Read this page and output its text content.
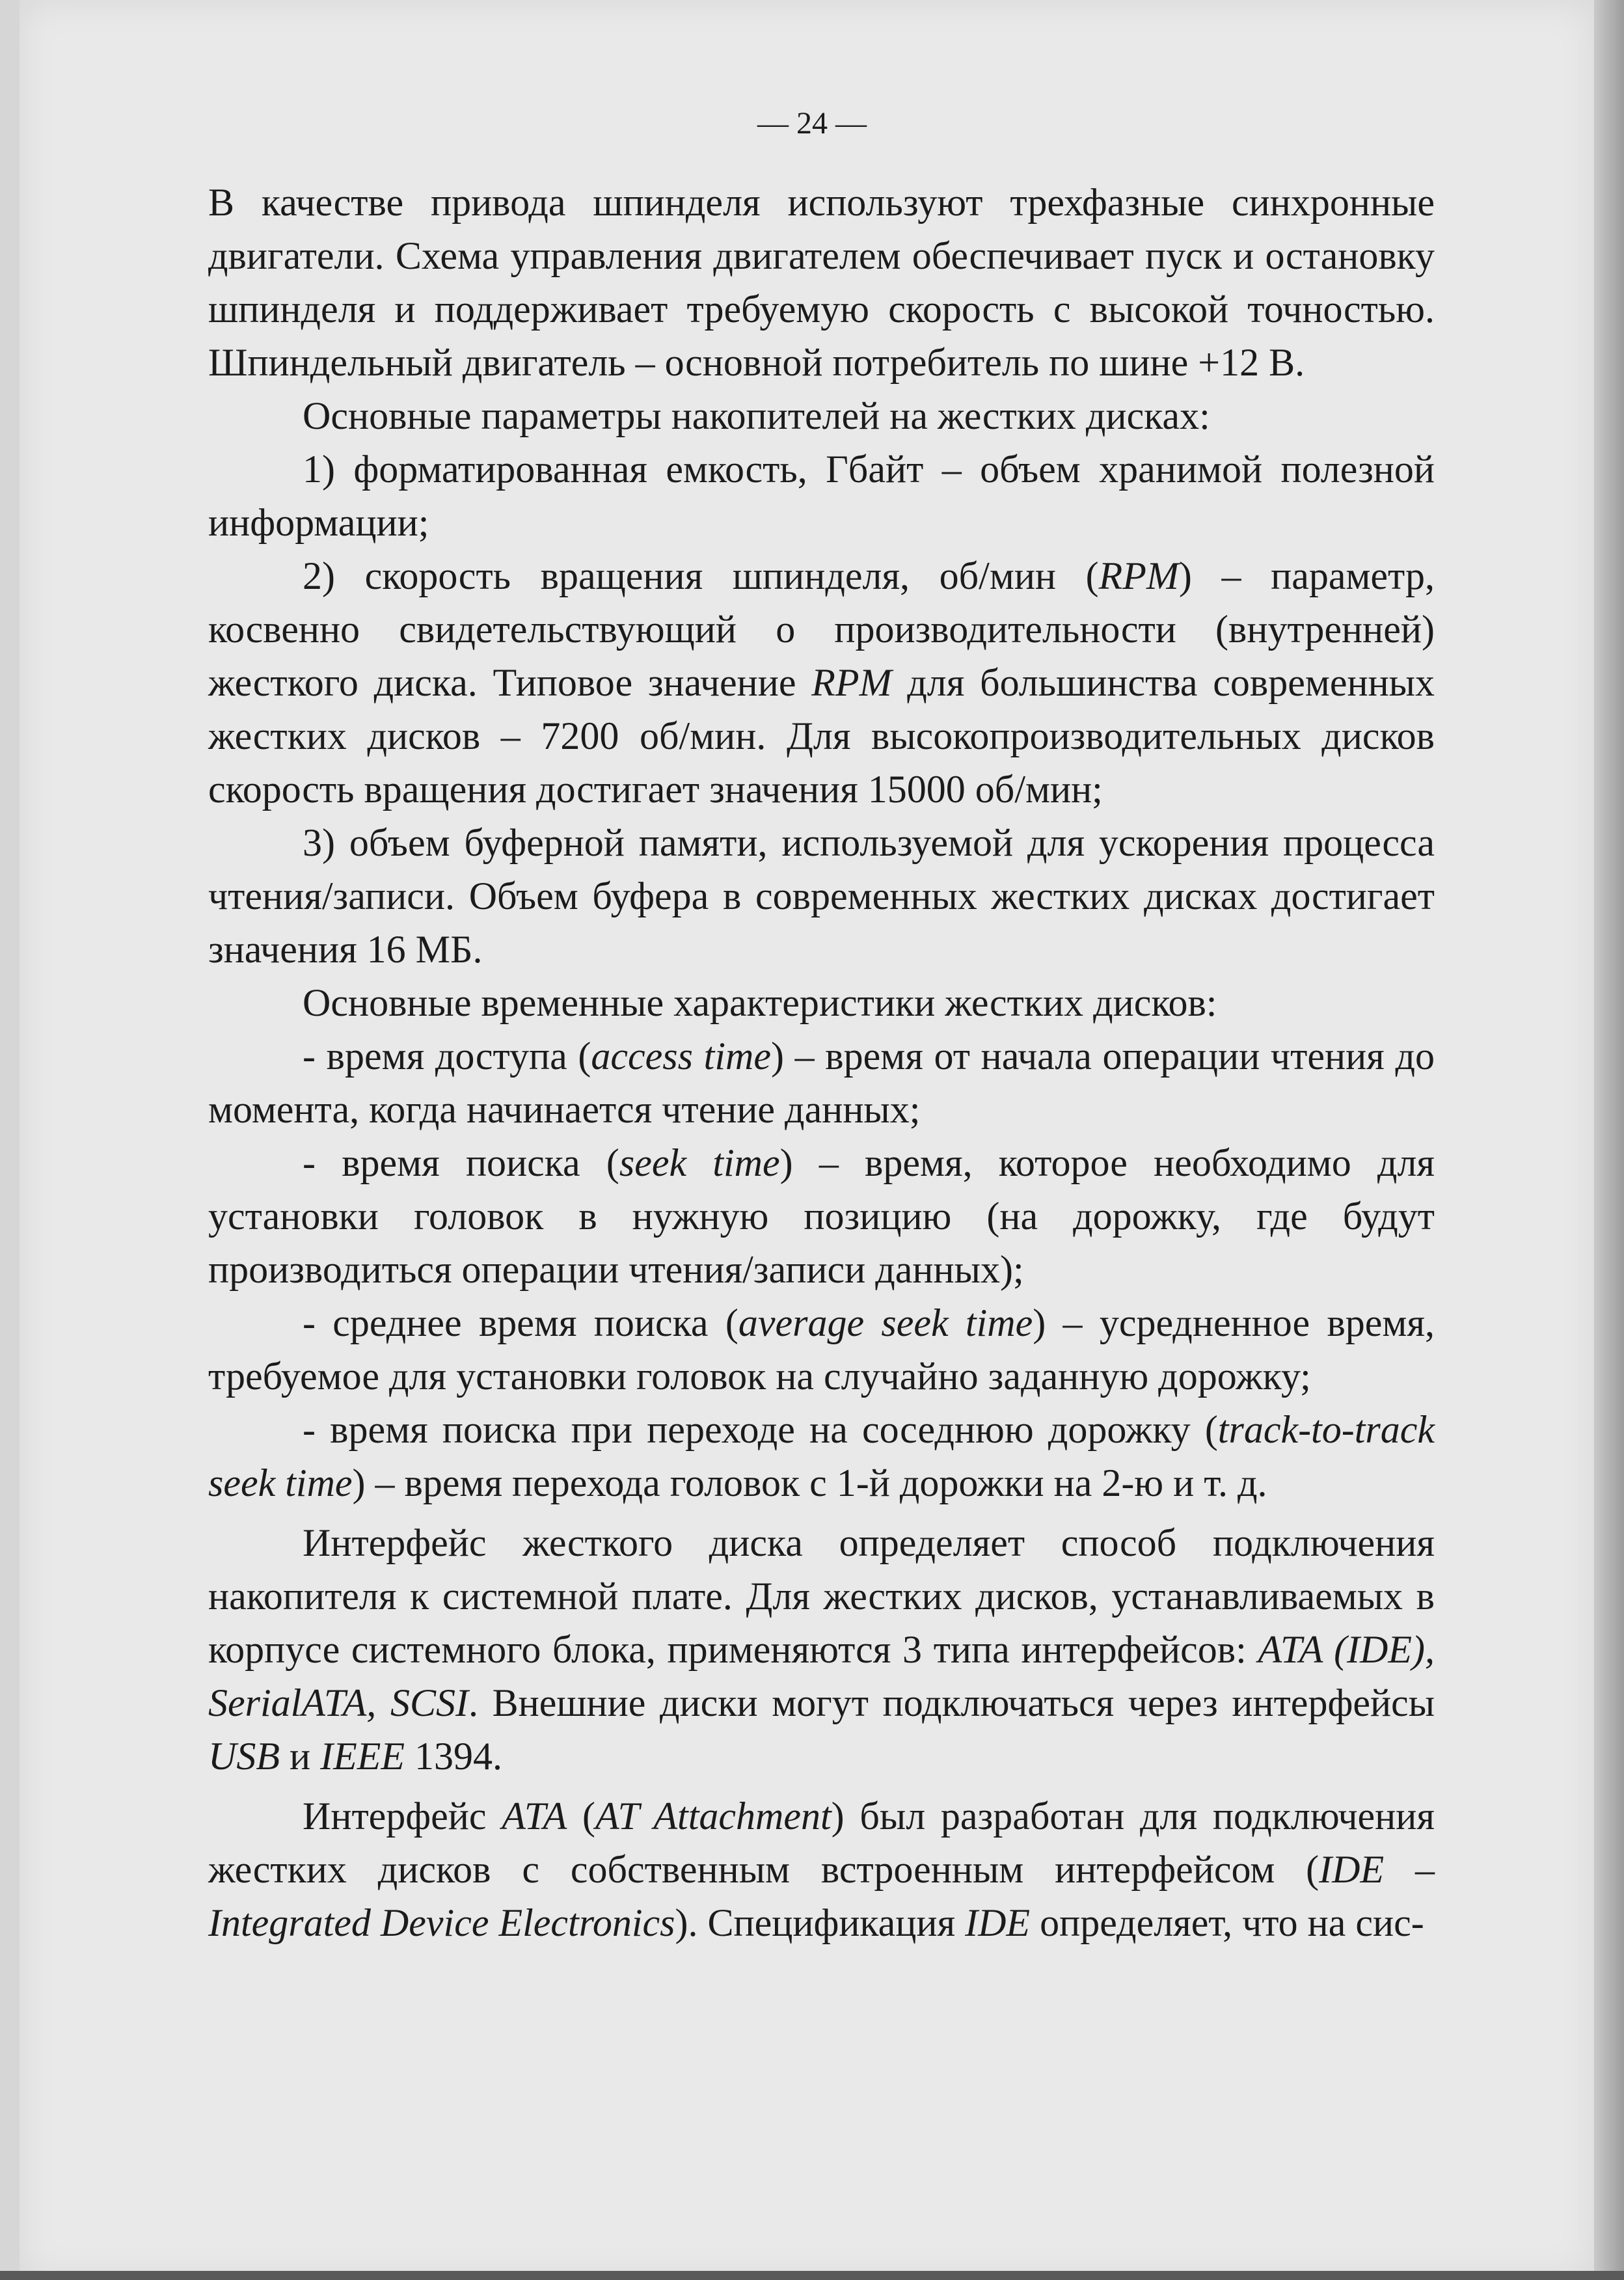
— 24 —

В качестве привода шпинделя используют трехфазные синхронные двигатели. Схема управления двигателем обеспечивает пуск и остановку шпинделя и поддерживает требуемую скорость с высокой точностью. Шпиндельный двигатель – основной потребитель по шине +12 В.

Основные параметры накопителей на жестких дисках:

1) форматированная емкость, Гбайт – объем хранимой полезной информации;

2) скорость вращения шпинделя, об/мин (RPM) – параметр, косвенно свидетельствующий о производительности (внутренней) жесткого диска. Типовое значение RPM для большинства современных жестких дисков – 7200 об/мин. Для высокопроизводительных дисков скорость вращения достигает значения 15000 об/мин;

3) объем буферной памяти, используемой для ускорения процесса чтения/записи. Объем буфера в современных жестких дисках достигает значения 16 МБ.

Основные временные характеристики жестких дисков:

- время доступа (access time) – время от начала операции чтения до момента, когда начинается чтение данных;

- время поиска (seek time) – время, которое необходимо для установки головок в нужную позицию (на дорожку, где будут производиться операции чтения/записи данных);

- среднее время поиска (average seek time) – усредненное время, требуемое для установки головок на случайно заданную дорожку;

- время поиска при переходе на соседнюю дорожку (track-to-track seek time) – время перехода головок с 1-й дорожки на 2-ю и т. д.

Интерфейс жесткого диска определяет способ подключения накопителя к системной плате. Для жестких дисков, устанавливаемых в корпусе системного блока, применяются 3 типа интерфейсов: ATA (IDE), SerialATA, SCSI. Внешние диски могут подключаться через интерфейсы USB и IEEE 1394.

Интерфейс ATA (AT Attachment) был разработан для подключения жестких дисков с собственным встроенным интерфейсом (IDE – Integrated Device Electronics). Спецификация IDE определяет, что на сис-
